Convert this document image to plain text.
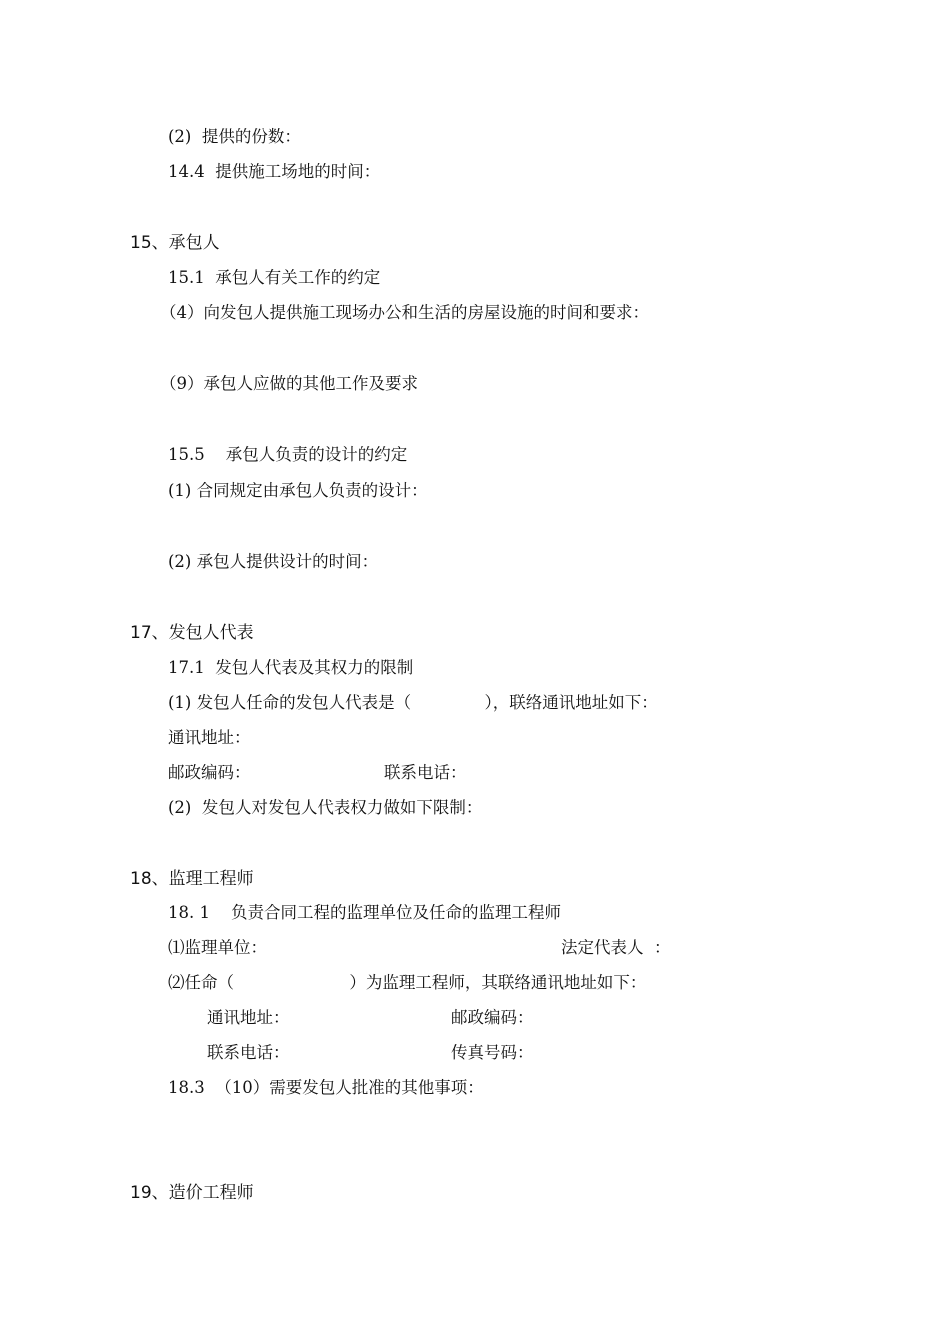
(2)  提供的份数：
14.4  提供施工场地的时间：
15、承包人
15.1  承包人有关工作的约定
（4）向发包人提供施工现场办公和生活的房屋设施的时间和要求：
（9）承包人应做的其他工作及要求
15.5    承包人负责的设计的约定
(1) 合同规定由承包人负责的设计：
(2) 承包人提供设计的时间：
17、发包人代表
17.1  发包人代表及其权力的限制
(1) 发包人任命的发包人代表是（              ），联络通讯地址如下：
通讯地址：
邮政编码：	联系电话：
(2)  发包人对发包人代表权力做如下限制：
18、监理工程师
18. 1    负责合同工程的监理单位及任命的监理工程师
⑴监理单位：	法定代表人  ：
⑵任命（                      ）为监理工程师，其联络通讯地址如下：
通讯地址：	邮政编码：
联系电话：	传真号码：
18.3  （10）需要发包人批准的其他事项：
19、造价工程师
